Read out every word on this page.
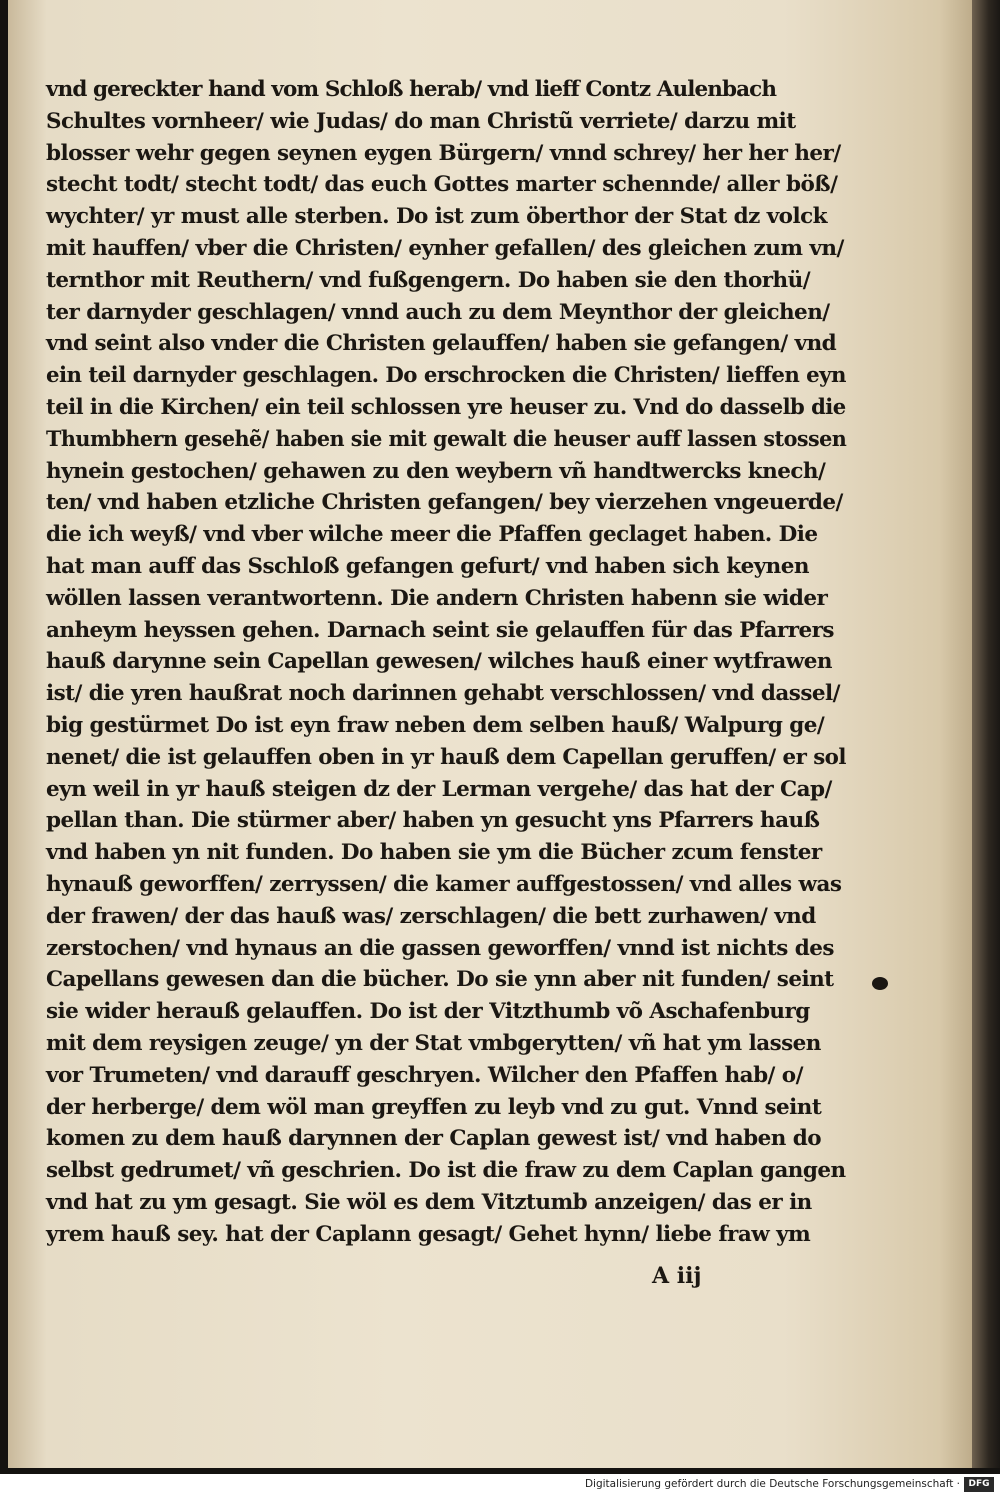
vnd gereckter hand vom Schloß herab/ vnd lieff Contz Aulenbach
Schultes vornheer/ wie Judas/ do man Christũ verriete/ darzu mit
blosser wehr gegen seynen eygen Bürgern/ vnnd schrey/ her her her/
stecht todt/ stecht todt/ das euch Gottes marter schennde/ aller böß/
wychter/ yr must alle sterben. Do ist zum öberthor der Stat dz volck
mit hauffen/ vber die Christen/ eynher gefallen/ des gleichen zum vn/
ternthor mit Reuthern/ vnd fußgengern. Do haben sie den thorhü/
ter darnyder geschlagen/ vnnd auch zu dem Meynthor der gleichen/
vnd seint also vnder die Christen gelauffen/ haben sie gefangen/ vnd
ein teil darnyder geschlagen. Do erschrocken die Christen/ lieffen eyn
teil in die Kirchen/ ein teil schlossen yre heuser zu. Vnd do dasselb die
Thumbhern gesehẽ/ haben sie mit gewalt die heuser auff lassen stossen
hynein gestochen/ gehawen zu den weybern vñ handtwercks knech/
ten/ vnd haben etzliche Christen gefangen/ bey vierzehen vngeuerde/
die ich weyß/ vnd vber wilche meer die Pfaffen geclaget haben. Die
hat man auff das Sschloß gefangen gefurt/ vnd haben sich keynen
wöllen lassen verantwortenn. Die andern Christen habenn sie wider
anheym heyssen gehen. Darnach seint sie gelauffen für das Pfarrers
hauß darynne sein Capellan gewesen/ wilches hauß einer wytfrawen
ist/ die yren haußrat noch darinnen gehabt verschlossen/ vnd dassel/
big gestürmet Do ist eyn fraw neben dem selben hauß/ Walpurg ge/
nenet/ die ist gelauffen oben in yr hauß dem Capellan geruffen/ er sol
eyn weil in yr hauß steigen dz der Lerman vergehe/ das hat der Cap/
pellan than. Die stürmer aber/ haben yn gesucht yns Pfarrers hauß
vnd haben yn nit funden. Do haben sie ym die Bücher zcum fenster
hynauß geworffen/ zerryssen/ die kamer auffgestossen/ vnd alles was
der frawen/ der das hauß was/ zerschlagen/ die bett zurhawen/ vnd
zerstochen/ vnd hynaus an die gassen geworffen/ vnnd ist nichts des
Capellans gewesen dan die bücher. Do sie ynn aber nit funden/ seint
sie wider herauß gelauffen. Do ist der Vitzthumb võ Aschafenburg
mit dem reysigen zeuge/ yn der Stat vmbgerytten/ vñ hat ym lassen
vor Trumeten/ vnd darauff geschryen. Wilcher den Pfaffen hab/ o/
der herberge/ dem wöl man greyffen zu leyb vnd zu gut. Vnnd seint
komen zu dem hauß darynnen der Caplan gewest ist/ vnd haben do
selbst gedrumet/ vñ geschrien. Do ist die fraw zu dem Caplan gangen
vnd hat zu ym gesagt. Sie wöl es dem Vitztumb anzeigen/ das er in
yrem hauß sey. hat der Caplann gesagt/ Gehet hynn/ liebe fraw ym
A iij
Digitalisierung gefördert durch die Deutsche Forschungsgemeinschaft · DFG
